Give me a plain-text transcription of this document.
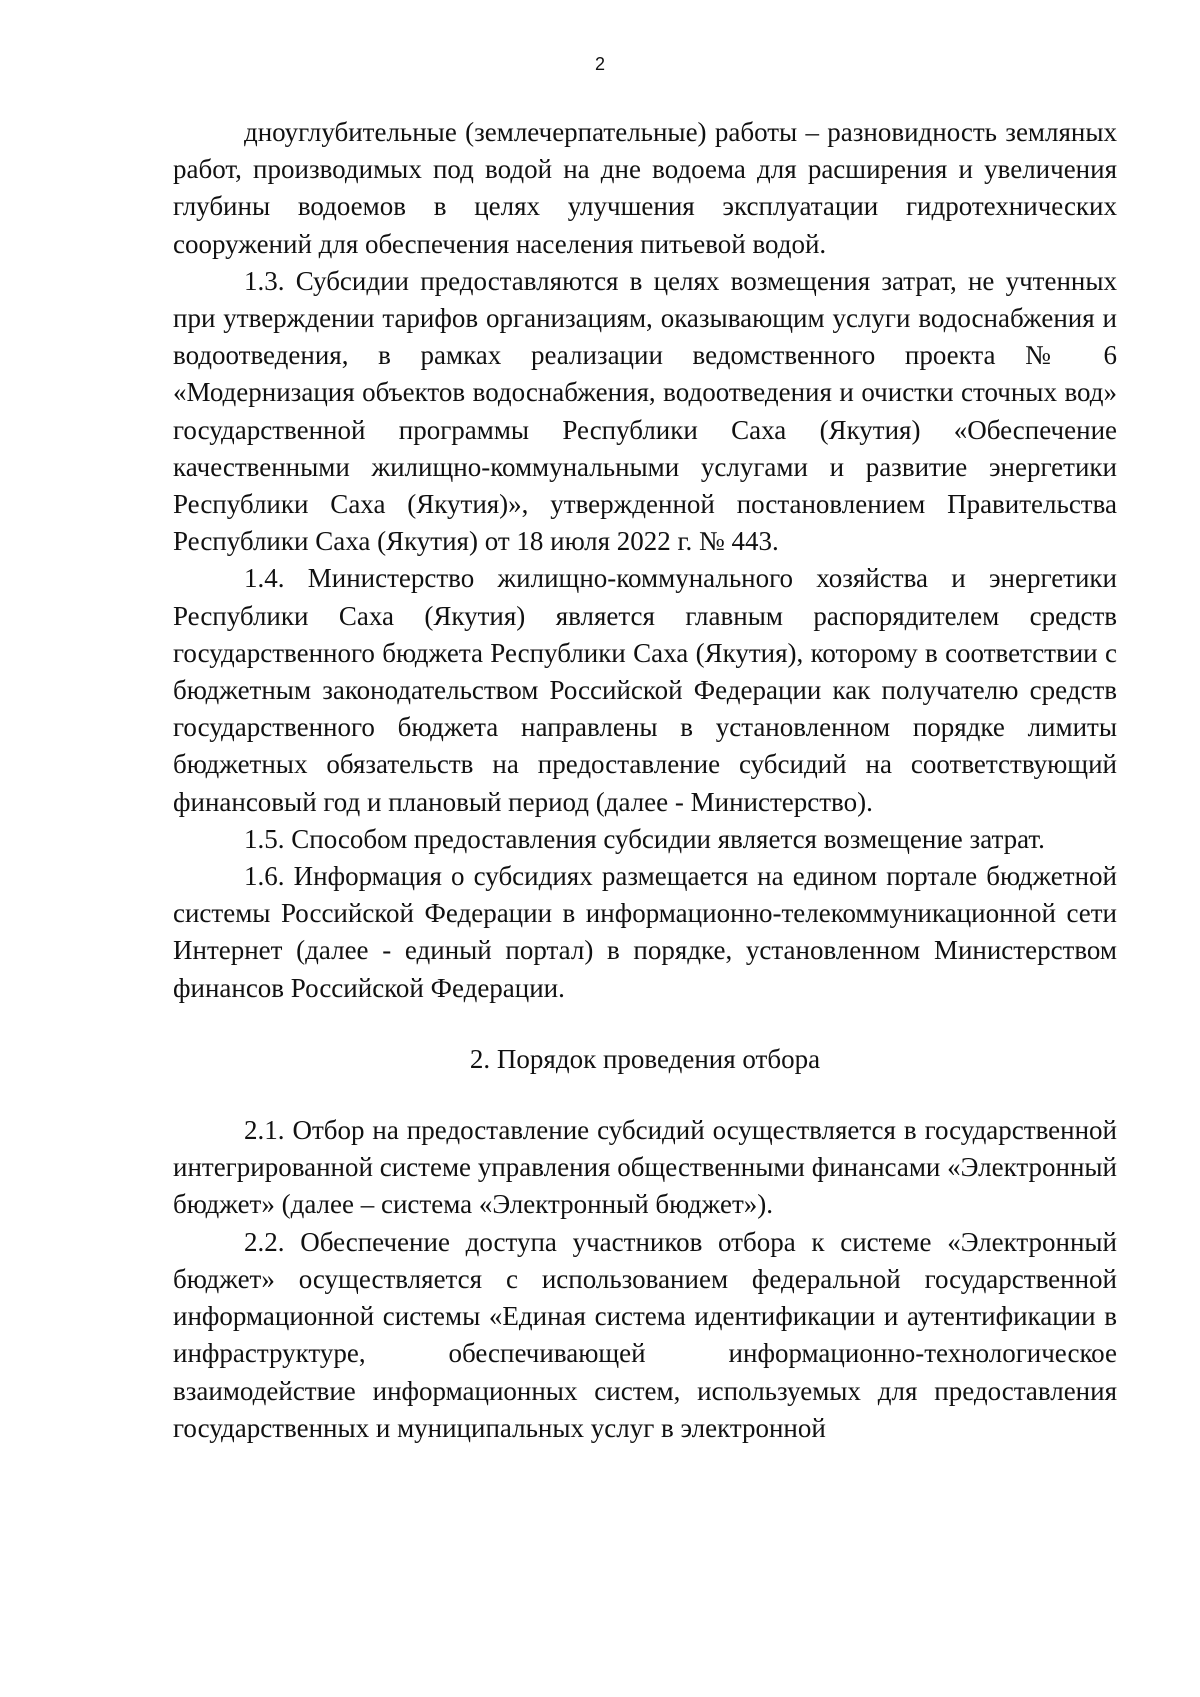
2

дноуглубительные (землечерпательные) работы – разновидность земляных работ, производимых под водой на дне водоема для расширения и увеличения глубины водоемов в целях улучшения эксплуатации гидротехнических сооружений для обеспечения населения питьевой водой.

1.3. Субсидии предоставляются в целях возмещения затрат, не учтенных при утверждении тарифов организациям, оказывающим услуги водоснабжения и водоотведения, в рамках реализации ведомственного проекта № 6 «Модернизация объектов водоснабжения, водоотведения и очистки сточных вод» государственной программы Республики Саха (Якутия) «Обеспечение качественными жилищно-коммунальными услугами и развитие энергетики Республики Саха (Якутия)», утвержденной постановлением Правительства Республики Саха (Якутия) от 18 июля 2022 г. № 443.

1.4. Министерство жилищно-коммунального хозяйства и энергетики Республики Саха (Якутия) является главным распорядителем средств государственного бюджета Республики Саха (Якутия), которому в соответствии с бюджетным законодательством Российской Федерации как получателю средств государственного бюджета направлены в установленном порядке лимиты бюджетных обязательств на предоставление субсидий на соответствующий финансовый год и плановый период (далее - Министерство).

1.5. Способом предоставления субсидии является возмещение затрат.

1.6. Информация о субсидиях размещается на едином портале бюджетной системы Российской Федерации в информационно-телекоммуникационной сети Интернет (далее - единый портал) в порядке, установленном Министерством финансов Российской Федерации.

2. Порядок проведения отбора

2.1. Отбор на предоставление субсидий осуществляется в государственной интегрированной системе управления общественными финансами «Электронный бюджет» (далее – система «Электронный бюджет»).

2.2. Обеспечение доступа участников отбора к системе «Электронный бюджет» осуществляется с использованием федеральной государственной информационной системы «Единая система идентификации и аутентификации в инфраструктуре, обеспечивающей информационно-технологическое взаимодействие информационных систем, используемых для предоставления государственных и муниципальных услуг в электронной
